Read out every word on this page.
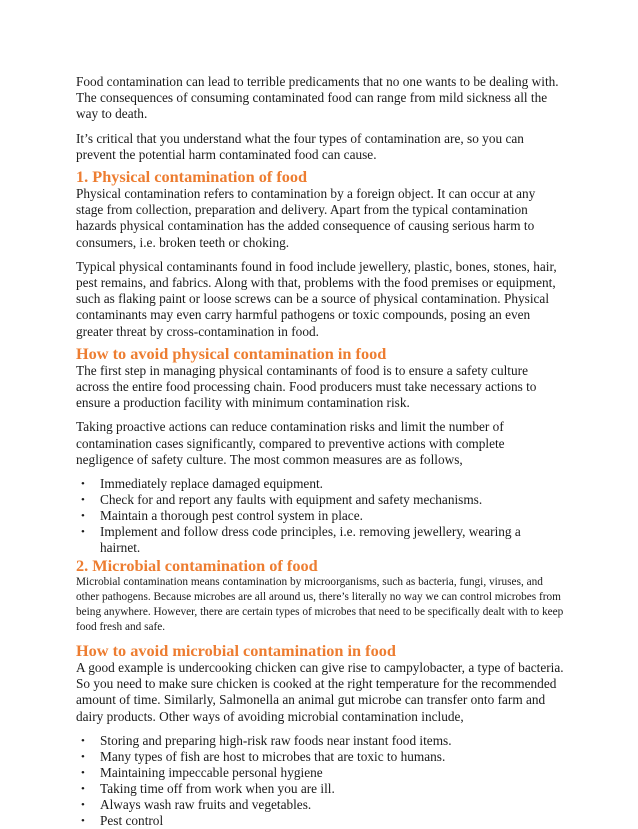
Food contamination can lead to terrible predicaments that no one wants to be dealing with. The consequences of consuming contaminated food can range from mild sickness all the way to death.

It’s critical that you understand what the four types of contamination are, so you can prevent the potential harm contaminated food can cause.

1. Physical contamination of food

Physical contamination refers to contamination by a foreign object. It can occur at any stage from collection, preparation and delivery. Apart from the typical contamination hazards physical contamination has the added consequence of causing serious harm to consumers, i.e. broken teeth or choking.

Typical physical contaminants found in food include jewellery, plastic, bones, stones, hair, pest remains, and fabrics. Along with that, problems with the food premises or equipment, such as flaking paint or loose screws can be a source of physical contamination. Physical contaminants may even carry harmful pathogens or toxic compounds, posing an even greater threat by cross-contamination in food.

How to avoid physical contamination in food

The first step in managing physical contaminants of food is to ensure a safety culture across the entire food processing chain. Food producers must take necessary actions to ensure a production facility with minimum contamination risk.

Taking proactive actions can reduce contamination risks and limit the number of contamination cases significantly, compared to preventive actions with complete negligence of safety culture. The most common measures are as follows,

• Immediately replace damaged equipment.
• Check for and report any faults with equipment and safety mechanisms.
• Maintain a thorough pest control system in place.
• Implement and follow dress code principles, i.e. removing jewellery, wearing a hairnet.
2. Microbial contamination of food

Microbial contamination means contamination by microorganisms, such as bacteria, fungi, viruses, and other pathogens. Because microbes are all around us, there’s literally no way we can control microbes from being anywhere. However, there are certain types of microbes that need to be specifically dealt with to keep food fresh and safe.

How to avoid microbial contamination in food

A good example is undercooking chicken can give rise to campylobacter, a type of bacteria. So you need to make sure chicken is cooked at the right temperature for the recommended amount of time. Similarly, Salmonella an animal gut microbe can transfer onto farm and dairy products. Other ways of avoiding microbial contamination include,

• Storing and preparing high-risk raw foods near instant food items.
• Many types of fish are host to microbes that are toxic to humans.
• Maintaining impeccable personal hygiene
• Taking time off from work when you are ill.
• Always wash raw fruits and vegetables.
• Pest control
